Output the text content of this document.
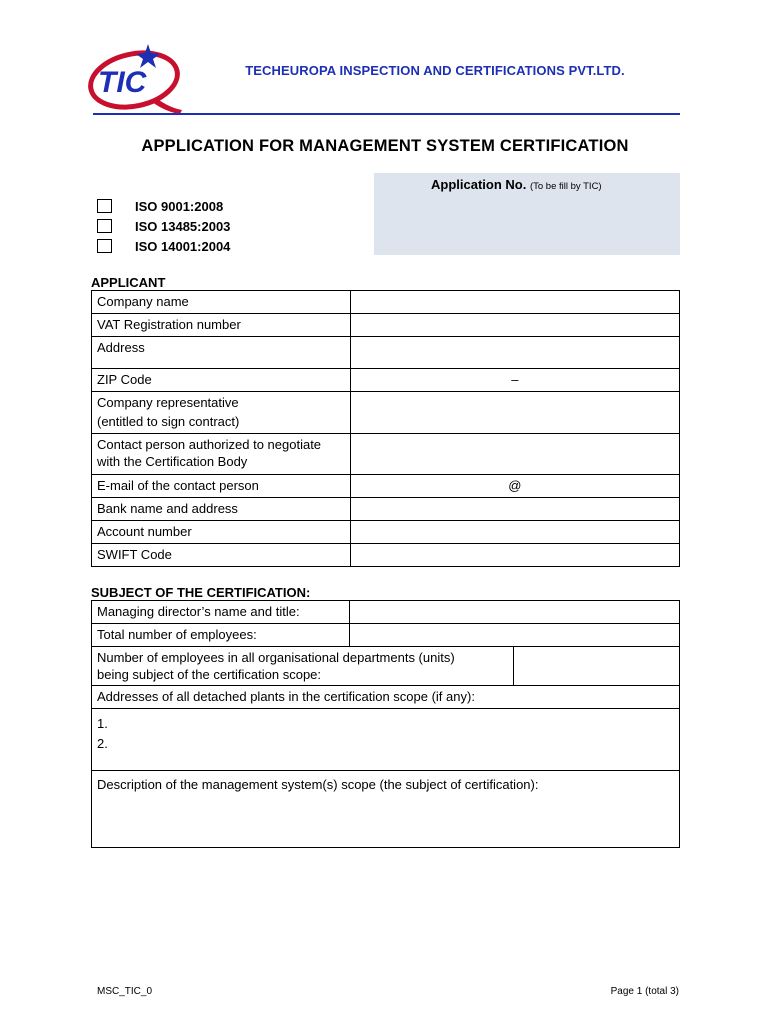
TIC	TECHEUROPA INSPECTION AND CERTIFICATIONS PVT.LTD.
APPLICATION FOR MANAGEMENT SYSTEM CERTIFICATION
Application No. (To be fill by TIC)
ISO 9001:2008
ISO 13485:2003
ISO 14001:2004
APPLICANT
Company name	
VAT Registration number	
Address	
ZIP Code	–

Company representative
(entitled to sign contract)	

Contact person authorized to negotiate
with the Certification Body	

E-mail of the contact person	@
Bank name and address	
Account number	
SWIFT Code	
SUBJECT OF THE CERTIFICATION:
Managing director’s name and title:	
Total number of employees:	
Number of employees in all organisational departments (units)
being subject of the certification scope:

Addresses of all detached plants in the certification scope (if any):

1.
2.

Description of the management system(s) scope (the subject of certification):
MSC_TIC_0	Page 1 (total 3)
